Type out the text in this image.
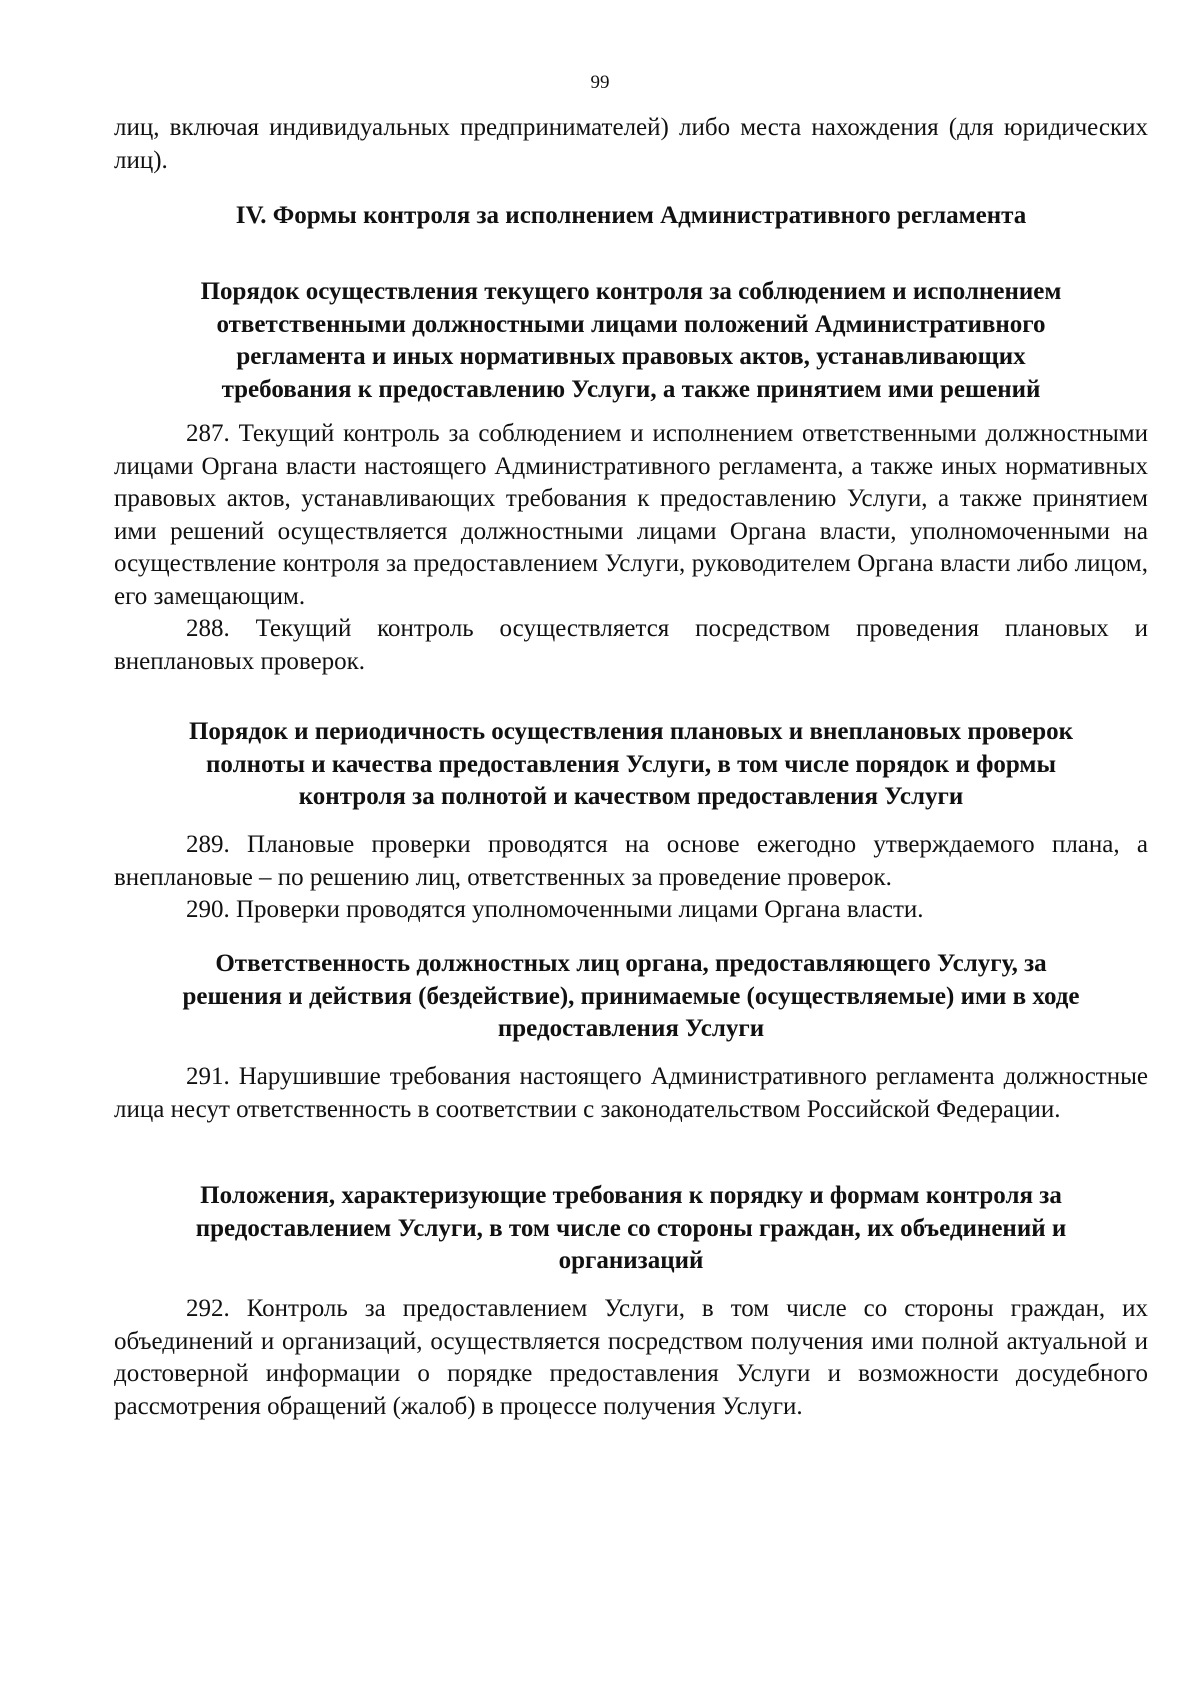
99

лиц, включая индивидуальных предпринимателей) либо места нахождения (для юридических лиц).

IV. Формы контроля за исполнением Административного регламента

Порядок осуществления текущего контроля за соблюдением и исполнением
ответственными должностными лицами положений Административного
регламента и иных нормативных правовых актов, устанавливающих
требования к предоставлению Услуги, а также принятием ими решений

287. Текущий контроль за соблюдением и исполнением ответственными должностными лицами Органа власти настоящего Административного регламента, а также иных нормативных правовых актов, устанавливающих требования к предоставлению Услуги, а также принятием ими решений осуществляется должностными лицами Органа власти, уполномоченными на осуществление контроля за предоставлением Услуги, руководителем Органа власти либо лицом, его замещающим.

288. Текущий контроль осуществляется посредством проведения плановых и внеплановых проверок.

Порядок и периодичность осуществления плановых и внеплановых проверок
полноты и качества предоставления Услуги, в том числе порядок и формы
контроля за полнотой и качеством предоставления Услуги

289. Плановые проверки проводятся на основе ежегодно утверждаемого плана, а внеплановые – по решению лиц, ответственных за проведение проверок.

290. Проверки проводятся уполномоченными лицами Органа власти.

Ответственность должностных лиц органа, предоставляющего Услугу, за
решения и действия (бездействие), принимаемые (осуществляемые) ими в ходе
предоставления Услуги

291. Нарушившие требования настоящего Административного регламента должностные лица несут ответственность в соответствии с законодательством Российской Федерации.

Положения, характеризующие требования к порядку и формам контроля за
предоставлением Услуги, в том числе со стороны граждан, их объединений и
организаций

292. Контроль за предоставлением Услуги, в том числе со стороны граждан, их объединений и организаций, осуществляется посредством получения ими полной актуальной и достоверной информации о порядке предоставления Услуги и возможности досудебного рассмотрения обращений (жалоб) в процессе получения Услуги.
